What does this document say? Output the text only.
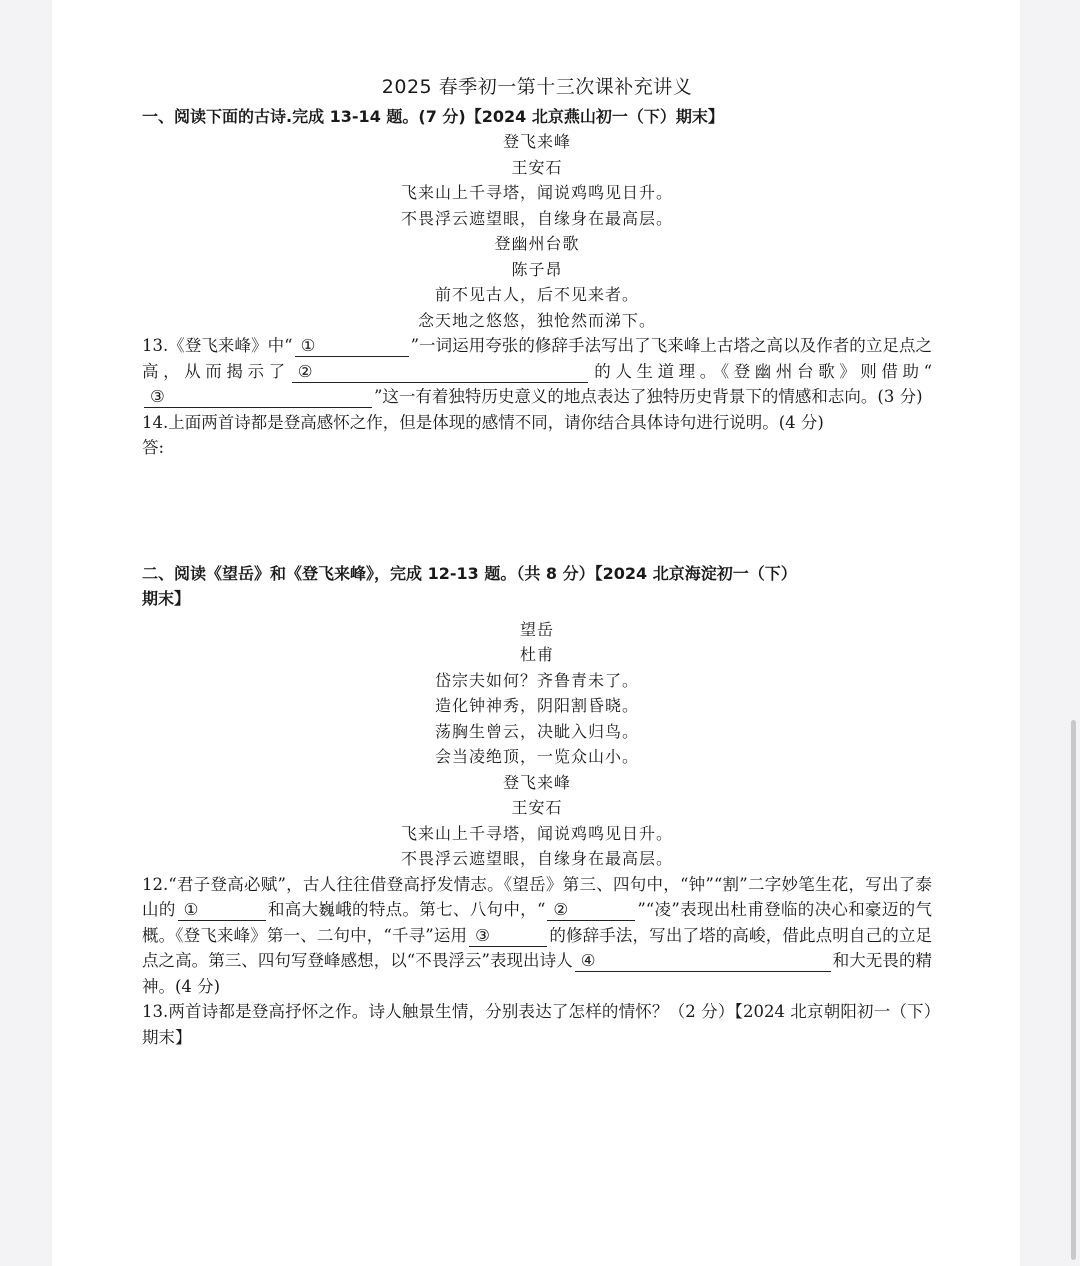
2025 春季初一第十三次课补充讲义

一、阅读下面的古诗.完成 13-14 题。(7 分)【2024 北京燕山初一（下）期末】

登飞来峰
王安石
飞来山上千寻塔，闻说鸡鸣见日升。
不畏浮云遮望眼，自缘身在最高层。
登幽州台歌
陈子昂
前不见古人，后不见来者。
念天地之悠悠，独怆然而涕下。

13.《登飞来峰》中“ ①	”一词运用夸张的修辞手法写出了飞来峰上古塔之高以及作者的立足点之高，从而揭示了 ②	的人生道理。《登幽州台歌》则借助“③	”这一有着独特历史意义的地点表达了独特历史背景下的情感和志向。(3 分)

14.上面两首诗都是登高感怀之作，但是体现的感情不同，请你结合具体诗句进行说明。(4 分)

答:

二、阅读《望岳》和《登飞来峰》，完成 12-13 题。（共 8 分）【2024 北京海淀初一（下）
期末】

望岳
杜甫
岱宗夫如何？齐鲁青未了。
造化钟神秀，阴阳割昏晓。
荡胸生曾云，决眦入归鸟。
会当凌绝顶，一览众山小。
登飞来峰
王安石
飞来山上千寻塔，闻说鸡鸣见日升。
不畏浮云遮望眼，自缘身在最高层。

12.“君子登高必赋”，古人往往借登高抒发情志。《望岳》第三、四句中，“钟”“割”二字妙笔生花，写出了泰山的 ①	和高大巍峨的特点。第七、八句中，“ ②	”“凌”表现出杜甫登临的决心和豪迈的气概。《登飞来峰》第一、二句中，“千寻”运用 ③	的修辞手法，写出了塔的高峻，借此点明自己的立足点之高。第三、四句写登峰感想，以“不畏浮云”表现出诗人 ④	和大无畏的精神。(4 分)

13.两首诗都是登高抒怀之作。诗人触景生情，分别表达了怎样的情怀？（2 分）【2024 北京朝阳初一（下）期末】
